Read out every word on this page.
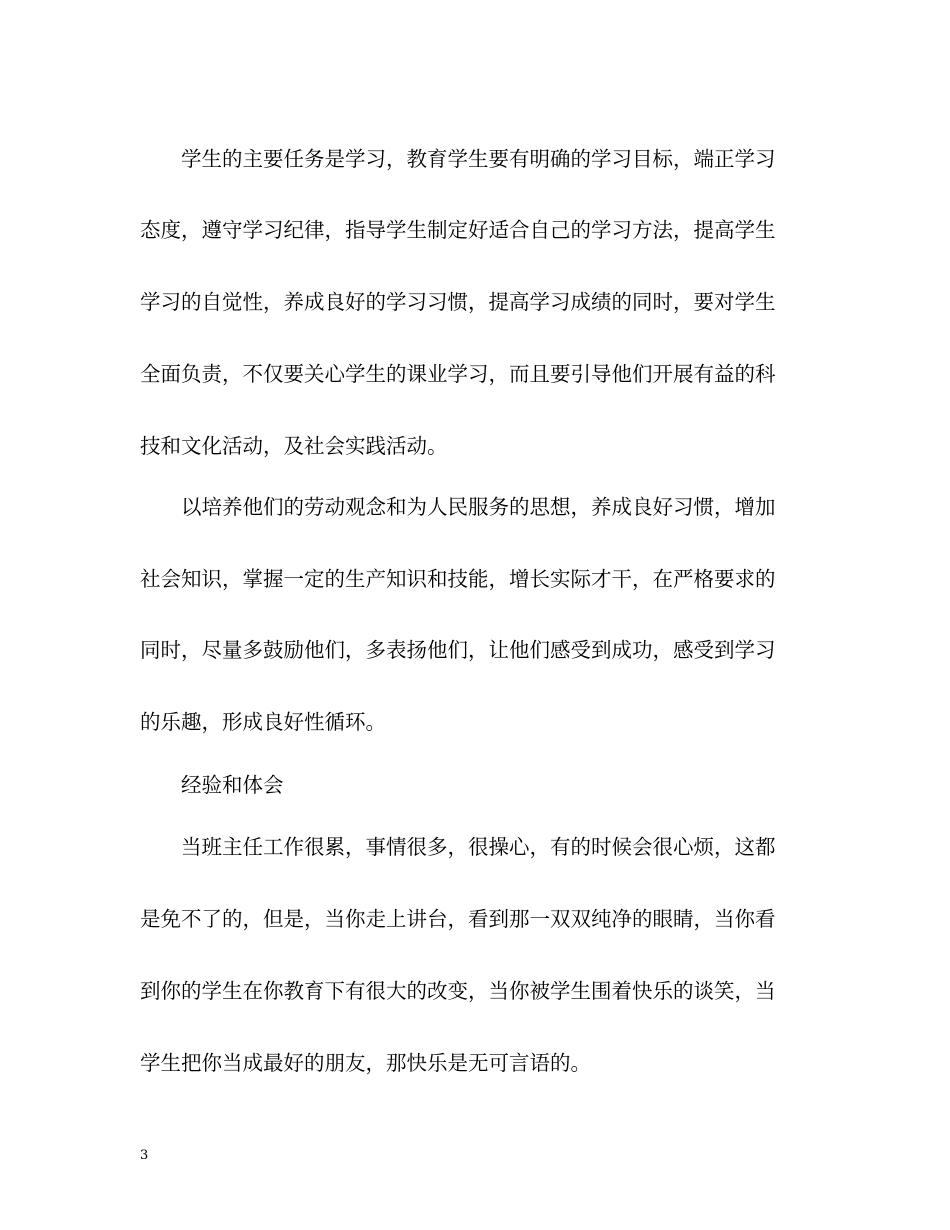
学生的主要任务是学习，教育学生要有明确的学习目标，端正学习
态度，遵守学习纪律，指导学生制定好适合自己的学习方法，提高学生
学习的自觉性，养成良好的学习习惯，提高学习成绩的同时，要对学生
全面负责，不仅要关心学生的课业学习，而且要引导他们开展有益的科
技和文化活动，及社会实践活动。
以培养他们的劳动观念和为人民服务的思想，养成良好习惯，增加
社会知识，掌握一定的生产知识和技能，增长实际才干，在严格要求的
同时，尽量多鼓励他们，多表扬他们，让他们感受到成功，感受到学习
的乐趣，形成良好性循环。
经验和体会
当班主任工作很累，事情很多，很操心，有的时候会很心烦，这都
是免不了的，但是，当你走上讲台，看到那一双双纯净的眼睛，当你看
到你的学生在你教育下有很大的改变，当你被学生围着快乐的谈笑，当
学生把你当成最好的朋友，那快乐是无可言语的。
3
